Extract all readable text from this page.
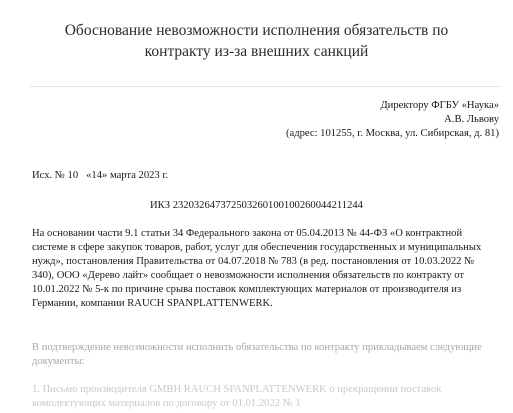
Обоснование невозможности исполнения обязательств по
контракту из-за внешних санкций
Директору ФГБУ «Наука»
А.В. Львову
(адрес: 101255, г. Москва, ул. Сибирская, д. 81)
Исх. № 10 «14» марта 2023 г.
ИКЗ 232032647372503260100100260044211244
На основании части 9.1 статьи 34 Федерального закона от 05.04.2013 № 44-ФЗ «О контрактной системе в сфере закупок товаров, работ, услуг для обеспечения государственных и муниципальных нужд», постановления Правительства от 04.07.2018 № 783 (в ред. постановления от 10.03.2022 № 340), ООО «Дерево лайт» сообщает о невозможности исполнения обязательств по контракту от 10.01.2022 № 5-к по причине срыва поставок комплектующих материалов от производителя из Германии, компании RAUCH SPANPLATTENWERK.
В подтверждение невозможности исполнить обязательства по контракту прикладываем следующие документы:
1. Письмо производителя GMBH RAUCH SPANPLATTENWERK о прекращении поставок комплектующих материалов по договору от 01.01.2022 № 1
